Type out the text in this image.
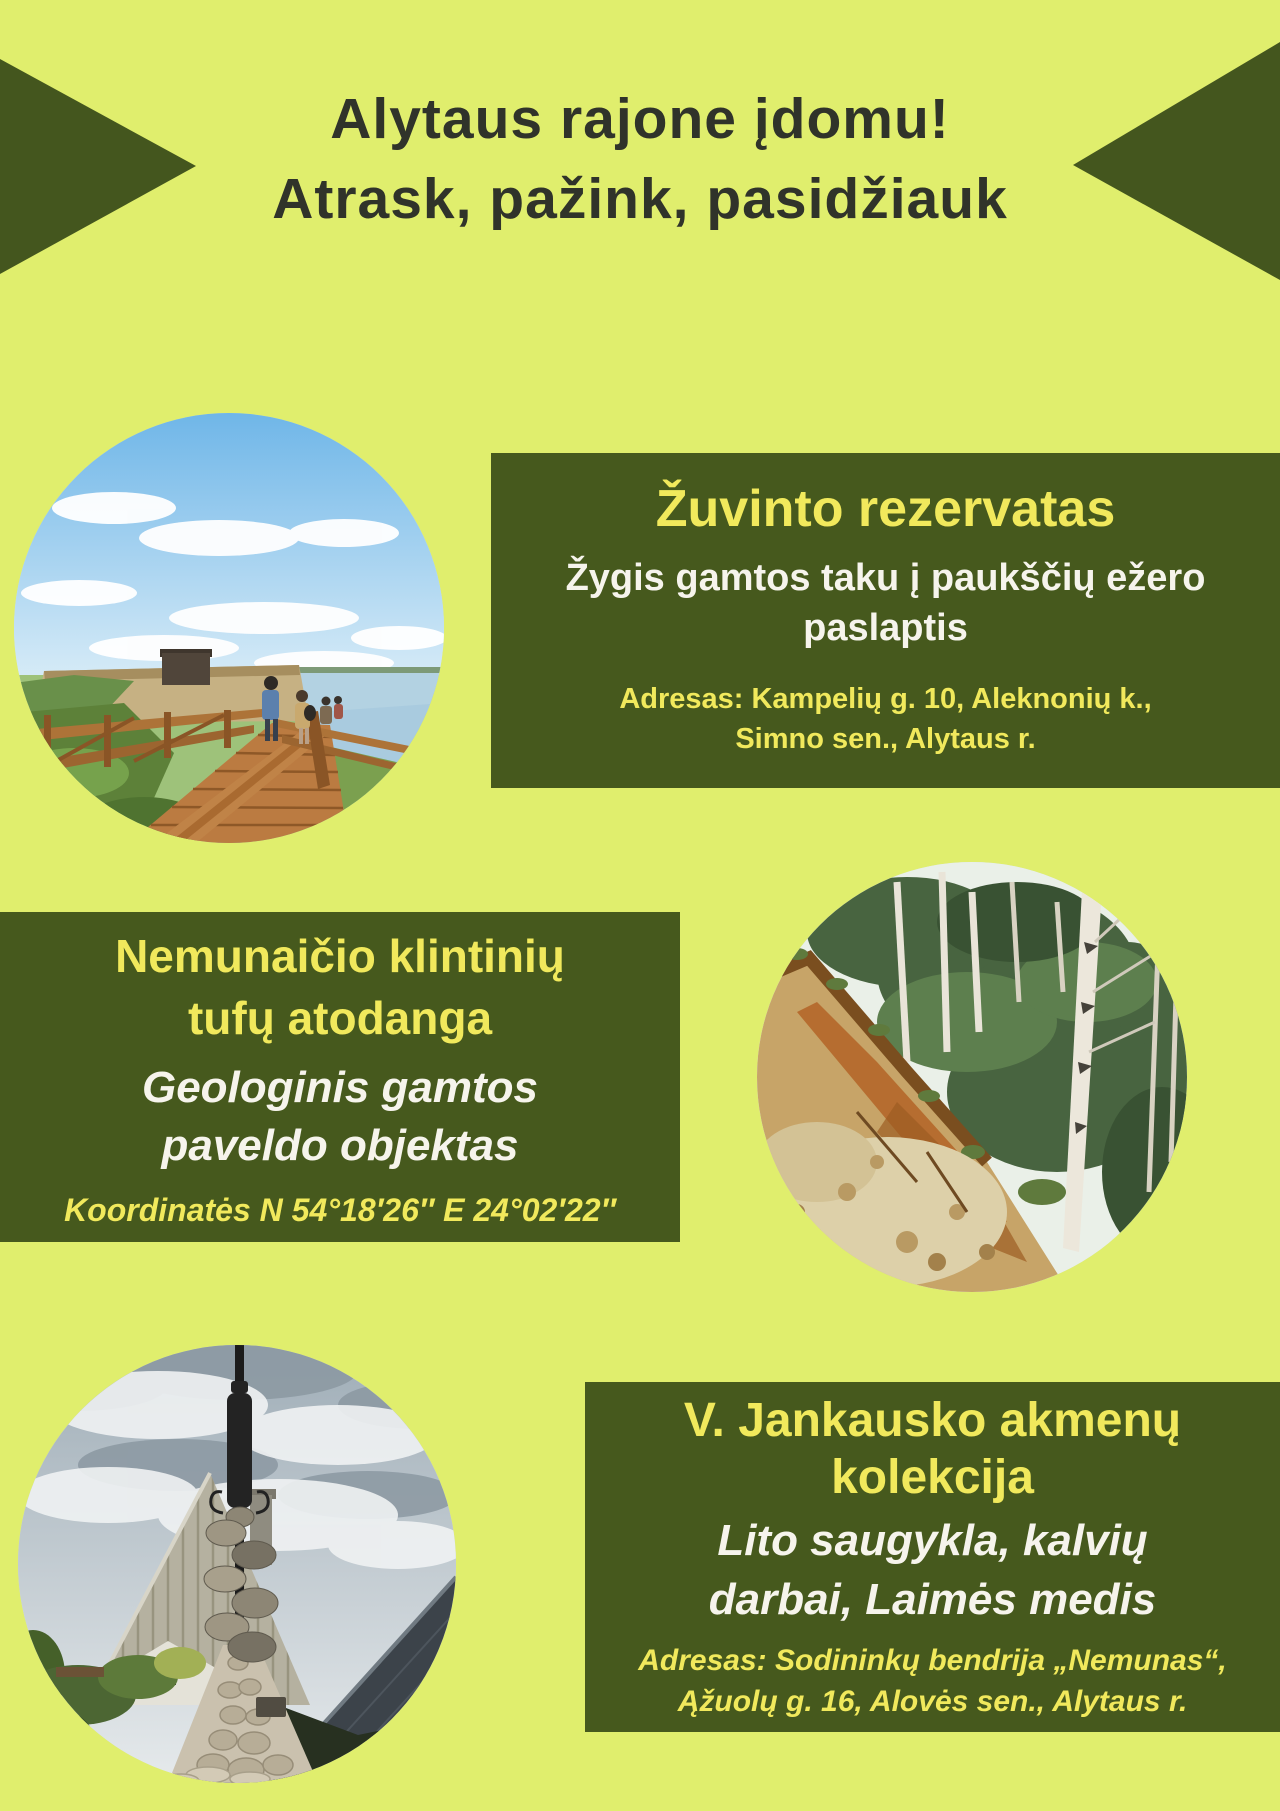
Alytaus rajone įdomu!
Atrask, pažink, pasidžiauk
Žuvinto rezervatas
Žygis gamtos taku į paukščių ežero
paslaptis
Adresas: Kampelių g. 10, Aleknonių k.,
Simno sen., Alytaus r.
Nemunaičio klintinių
tufų atodanga
Geologinis gamtos
paveldo objektas
Koordinatės N 54°18′26″ E 24°02′22″
V. Jankausko akmenų
kolekcija
Lito saugykla, kalvių
darbai, Laimės medis
Adresas: Sodininkų bendrija „Nemunas“,
Ąžuolų g. 16, Alovės sen., Alytaus r.
